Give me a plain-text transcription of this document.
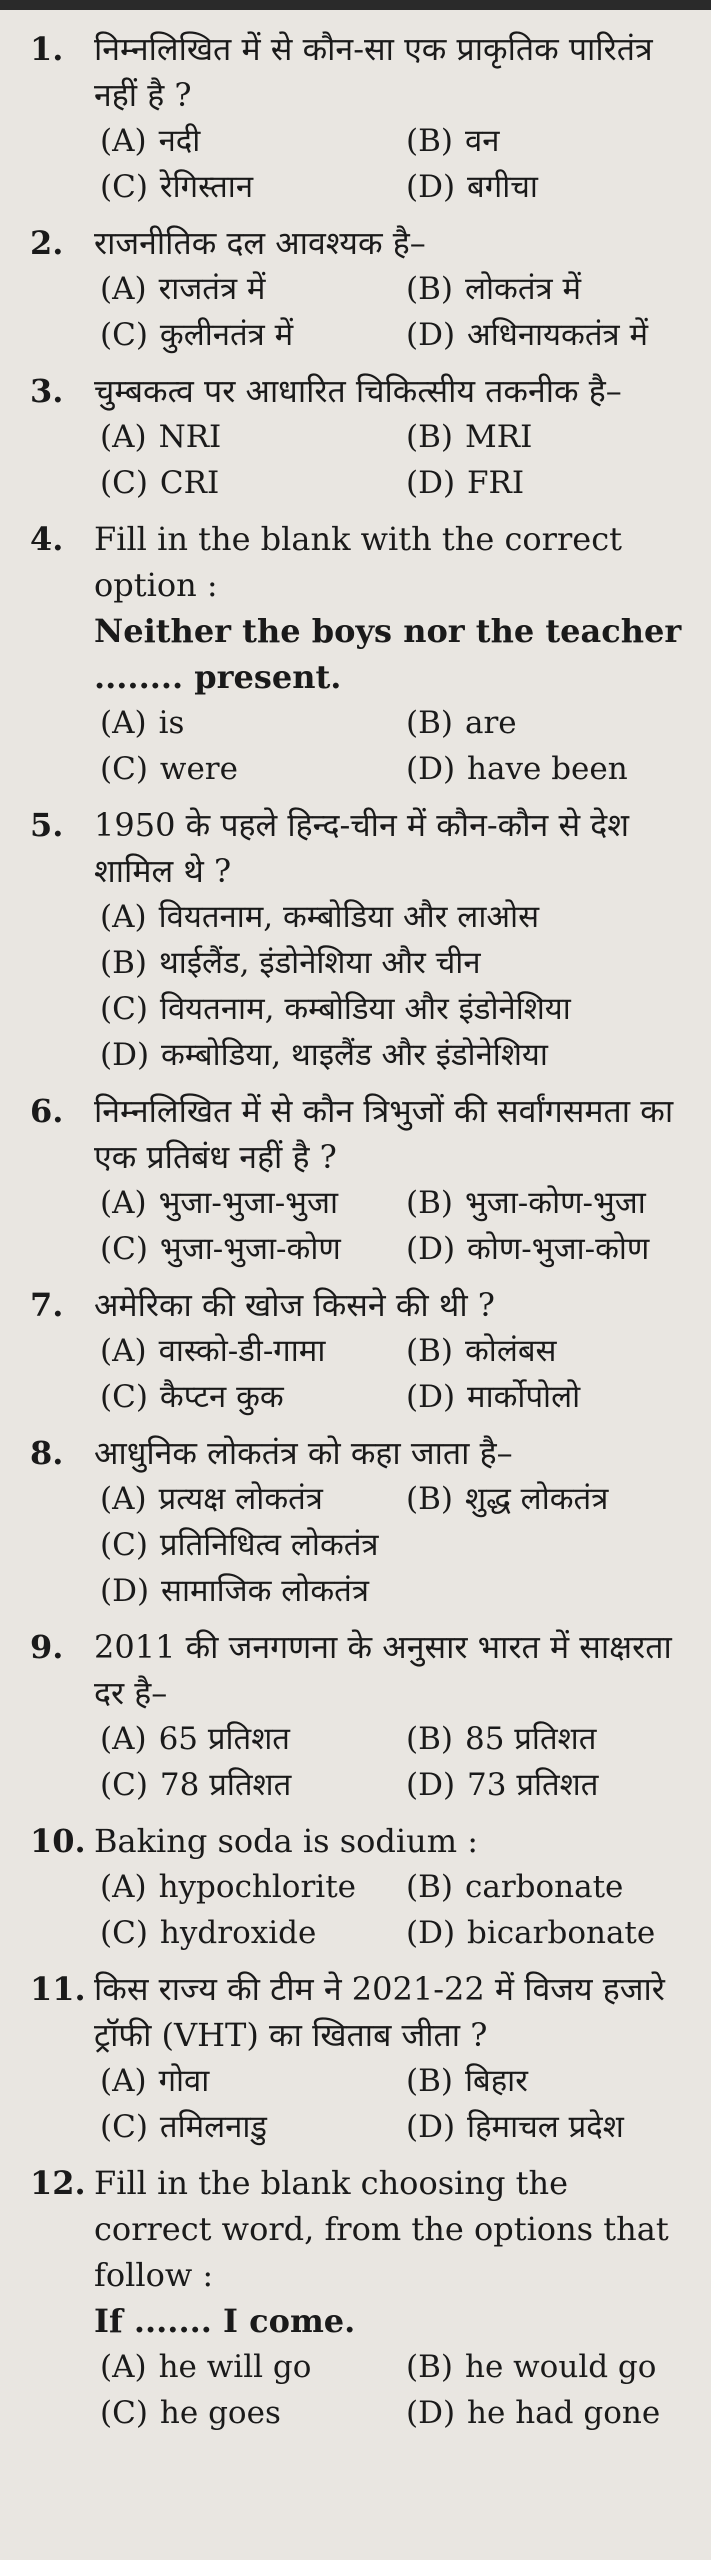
1. निम्नलिखित में से कौन-सा एक प्राकृतिक पारितंत्र नहीं है ?
(A) नदी	(B) वन
(C) रेगिस्तान	(D) बगीचा
2. राजनीतिक दल आवश्यक है–
(A) राजतंत्र में	(B) लोकतंत्र में
(C) कुलीनतंत्र में	(D) अधिनायकतंत्र में
3. चुम्बकत्व पर आधारित चिकित्सीय तकनीक है–
(A) NRI	(B) MRI
(C) CRI	(D) FRI
4. Fill in the blank with the correct option :
Neither the boys nor the teacher ........ present.
(A) is	(B) are
(C) were	(D) have been
5. 1950 के पहले हिन्द-चीन में कौन-कौन से देश शामिल थे ?
(A) वियतनाम, कम्बोडिया और लाओस
(B) थाईलैंड, इंडोनेशिया और चीन
(C) वियतनाम, कम्बोडिया और इंडोनेशिया
(D) कम्बोडिया, थाइलैंड और इंडोनेशिया
6. निम्नलिखित में से कौन त्रिभुजों की सर्वांगसमता का एक प्रतिबंध नहीं है ?
(A) भुजा-भुजा-भुजा	(B) भुजा-कोण-भुजा
(C) भुजा-भुजा-कोण	(D) कोण-भुजा-कोण
7. अमेरिका की खोज किसने की थी ?
(A) वास्को-डी-गामा	(B) कोलंबस
(C) कैप्टन कुक	(D) मार्कोपोलो
8. आधुनिक लोकतंत्र को कहा जाता है–
(A) प्रत्यक्ष लोकतंत्र	(B) शुद्ध लोकतंत्र
(C) प्रतिनिधित्व लोकतंत्र
(D) सामाजिक लोकतंत्र
9. 2011 की जनगणना के अनुसार भारत में साक्षरता दर है–
(A) 65 प्रतिशत	(B) 85 प्रतिशत
(C) 78 प्रतिशत	(D) 73 प्रतिशत
10. Baking soda is sodium :
(A) hypochlorite	(B) carbonate
(C) hydroxide	(D) bicarbonate
11. किस राज्य की टीम ने 2021-22 में विजय हजारे ट्रॉफी (VHT) का खिताब जीता ?
(A) गोवा	(B) बिहार
(C) तमिलनाडु	(D) हिमाचल प्रदेश
12. Fill in the blank choosing the correct word, from the options that follow :
If ....... I come.
(A) he will go	(B) he would go
(C) he goes	(D) he had gone
